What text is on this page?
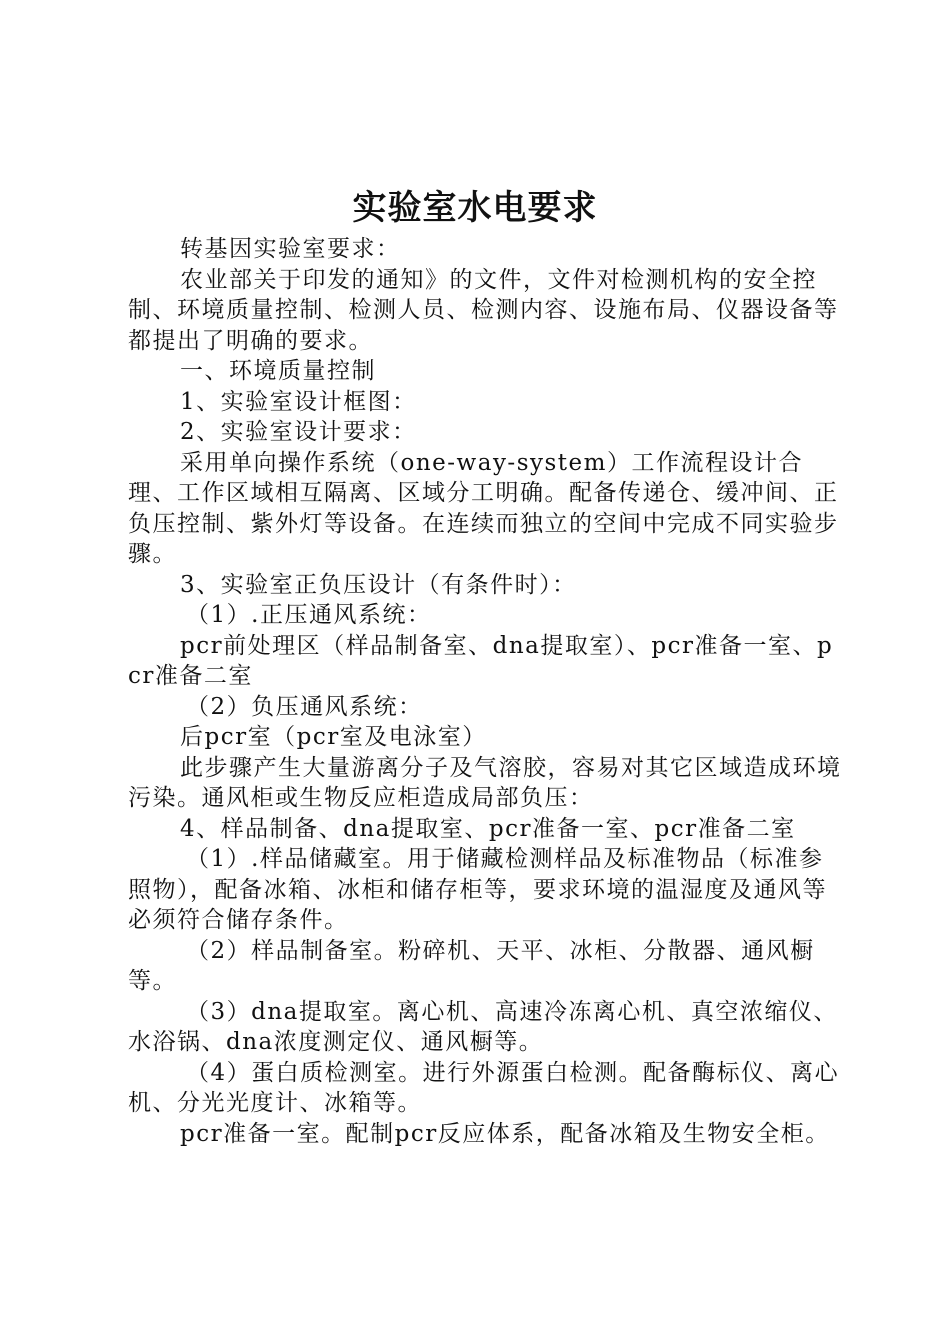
实验室水电要求

转基因实验室要求：

农业部关于印发的通知》的文件，文件对检测机构的安全控制、环境质量控制、检测人员、检测内容、设施布局、仪器设备等都提出了明确的要求。

一、环境质量控制

1、实验室设计框图：

2、实验室设计要求：

采用单向操作系统（one-way-system）工作流程设计合理、工作区域相互隔离、区域分工明确。配备传递仓、缓冲间、正负压控制、紫外灯等设备。在连续而独立的空间中完成不同实验步骤。

3、实验室正负压设计（有条件时）：

（1）.正压通风系统：

pcr前处理区（样品制备室、dna提取室）、pcr准备一室、pcr准备二室

（2）负压通风系统：

后pcr室（pcr室及电泳室）

此步骤产生大量游离分子及气溶胶，容易对其它区域造成环境污染。通风柜或生物反应柜造成局部负压：

4、样品制备、dna提取室、pcr准备一室、pcr准备二室

（1）.样品储藏室。用于储藏检测样品及标准物品（标准参照物），配备冰箱、冰柜和储存柜等，要求环境的温湿度及通风等必须符合储存条件。

（2）样品制备室。粉碎机、天平、冰柜、分散器、通风橱等。

（3）dna提取室。离心机、高速冷冻离心机、真空浓缩仪、水浴锅、dna浓度测定仪、通风橱等。

（4）蛋白质检测室。进行外源蛋白检测。配备酶标仪、离心机、分光光度计、冰箱等。

pcr准备一室。配制pcr反应体系，配备冰箱及生物安全柜。
